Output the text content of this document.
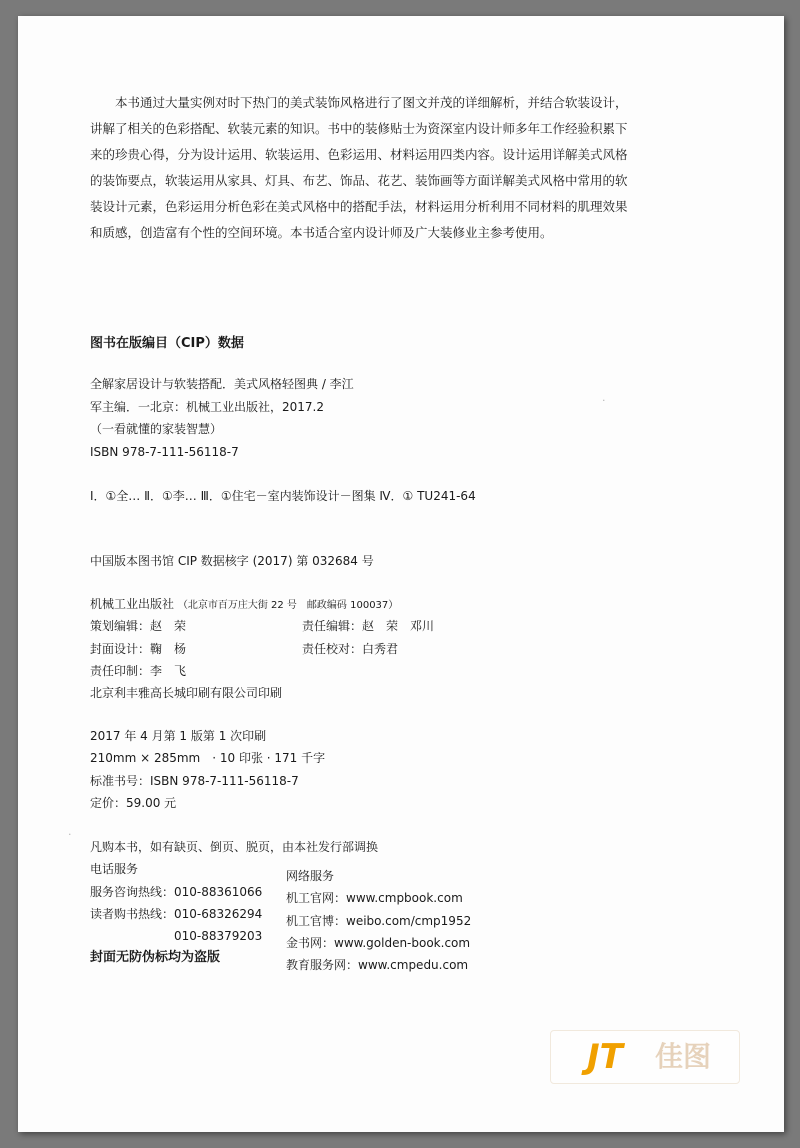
本书通过大量实例对时下热门的美式装饰风格进行了图文并茂的详细解析，并结合软装设计，
讲解了相关的色彩搭配、软装元素的知识。书中的装修贴士为资深室内设计师多年工作经验积累下
来的珍贵心得，分为设计运用、软装运用、色彩运用、材料运用四类内容。设计运用详解美式风格
的装饰要点，软装运用从家具、灯具、布艺、饰品、花艺、装饰画等方面详解美式风格中常用的软
装设计元素，色彩运用分析色彩在美式风格中的搭配手法，材料运用分析利用不同材料的肌理效果
和质感，创造富有个性的空间环境。本书适合室内设计师及广大装修业主参考使用。
图书在版编目（CIP）数据
全解家居设计与软装搭配．美式风格轻图典 / 李江
军主编．一北京：机械工业出版社，2017.2
（一看就懂的家装智慧）
ISBN 978-7-111-56118-7
Ⅰ．①全… Ⅱ．①李… Ⅲ．①住宅－室内装饰设计－图集 Ⅳ．① TU241-64
中国版本图书馆 CIP 数据核字 (2017) 第 032684 号
机械工业出版社 （北京市百万庄大街 22 号　邮政编码 100037）
策划编辑：赵　荣	责任编辑：赵　荣　邓川
封面设计：鞠　杨	责任校对：白秀君
责任印制：李　飞
北京利丰雅高长城印刷有限公司印刷
2017 年 4 月第 1 版第 1 次印刷
210mm × 285mm　· 10 印张 · 171 千字
标准书号：ISBN 978-7-111-56118-7
定价：59.00 元
凡购本书，如有缺页、倒页、脱页，由本社发行部调换
电话服务
服务咨询热线：010-88361066
读者购书热线：010-68326294
010-88379203
封面无防伪标均为盗版
网络服务
机工官网：www.cmpbook.com
机工官博：weibo.com/cmp1952
金书网：www.golden-book.com
教育服务网：www.cmpedu.com
·
·
JT 佳图
